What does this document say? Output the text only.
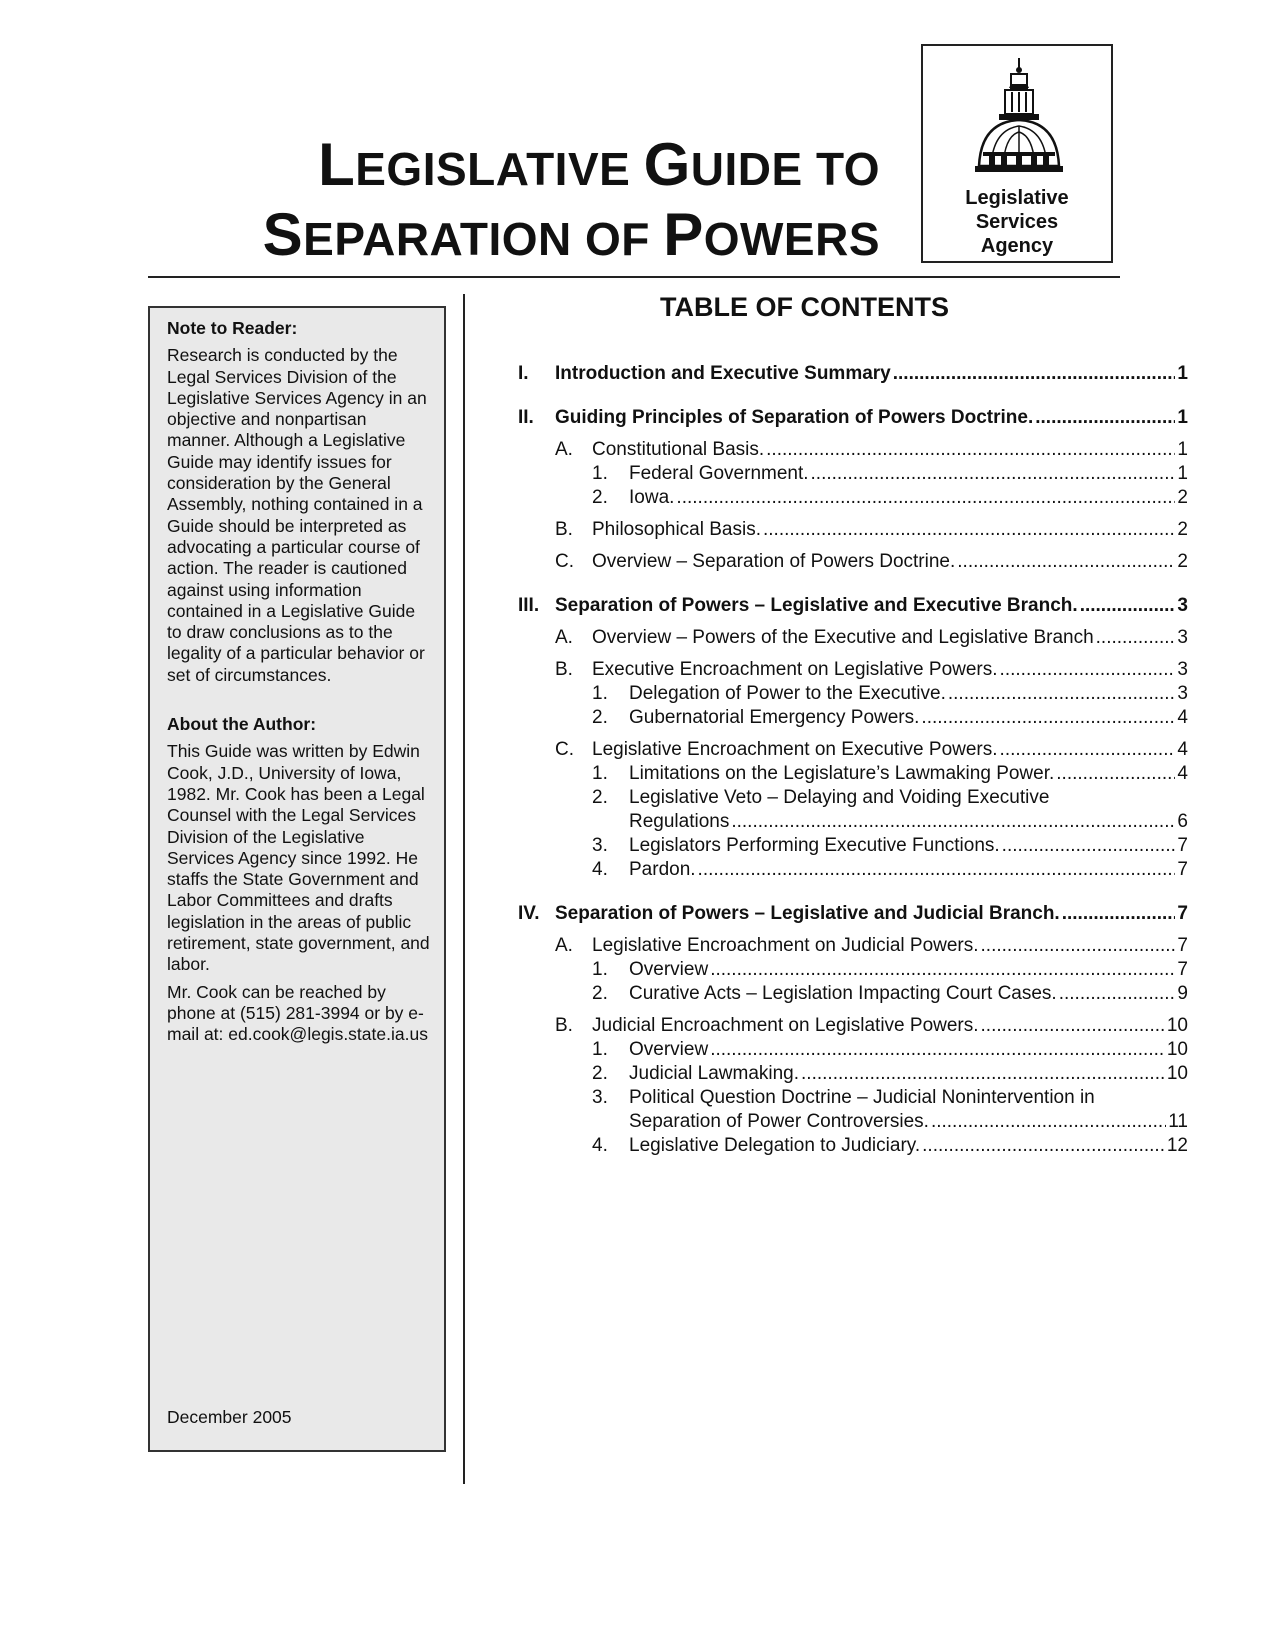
LEGISLATIVE GUIDE TO
SEPARATION OF POWERS
Legislative
Services
Agency

Note to Reader:

Research is conducted by the Legal Services Division of the Legislative Services Agency in an objective and nonpartisan manner. Although a Legislative Guide may identify issues for consideration by the General Assembly, nothing contained in a Guide should be interpreted as advocating a particular course of action. The reader is cautioned against using information contained in a Legislative Guide to draw conclusions as to the legality of a particular behavior or set of circumstances.

About the Author:

This Guide was written by Edwin Cook, J.D., University of Iowa, 1982. Mr. Cook has been a Legal Counsel with the Legal Services Division of the Legislative Services Agency since 1992. He staffs the State Government and Labor Committees and drafts legislation in the areas of public retirement, state government, and labor.

Mr. Cook can be reached by phone at (515) 281-3994 or by e-mail at: ed.cook@legis.state.ia.us

December 2005
TABLE OF CONTENTS
I.	Introduction and Executive Summary .....	1
II.	Guiding Principles of Separation of Powers Doctrine. .....	1
A.	Constitutional Basis. .....	1
1.	Federal Government. .....	1
2.	Iowa. .....	2
B.	Philosophical Basis. .....	2
C. Overview – Separation of Powers Doctrine. .....	2
III. Separation of Powers – Legislative and Executive Branch. .....	3
A.	Overview – Powers of the Executive and Legislative Branch .....	3
B.	Executive Encroachment on Legislative Powers. .....	3
1.	Delegation of Power to the Executive. .....	3
2.	Gubernatorial Emergency Powers. .....	4
C. Legislative Encroachment on Executive Powers. .....	4
1.	Limitations on the Legislature’s Lawmaking Power. .....	4
2.	Legislative Veto – Delaying and Voiding Executive
Regulations .....	6
3.	Legislators Performing Executive Functions. .....	7
4.	Pardon. .....	7
IV. Separation of Powers – Legislative and Judicial Branch. .....	7
A.	Legislative Encroachment on Judicial Powers. .....	7
1.	Overview .....	7
2.	Curative Acts – Legislation Impacting Court Cases. .....	9
B.	Judicial Encroachment on Legislative Powers. .....	10
1.	Overview .....	10
2.	Judicial Lawmaking. .....	10
3.	Political Question Doctrine – Judicial Nonintervention in
Separation of Power Controversies. .....	11
4.	Legislative Delegation to Judiciary. .....	12
